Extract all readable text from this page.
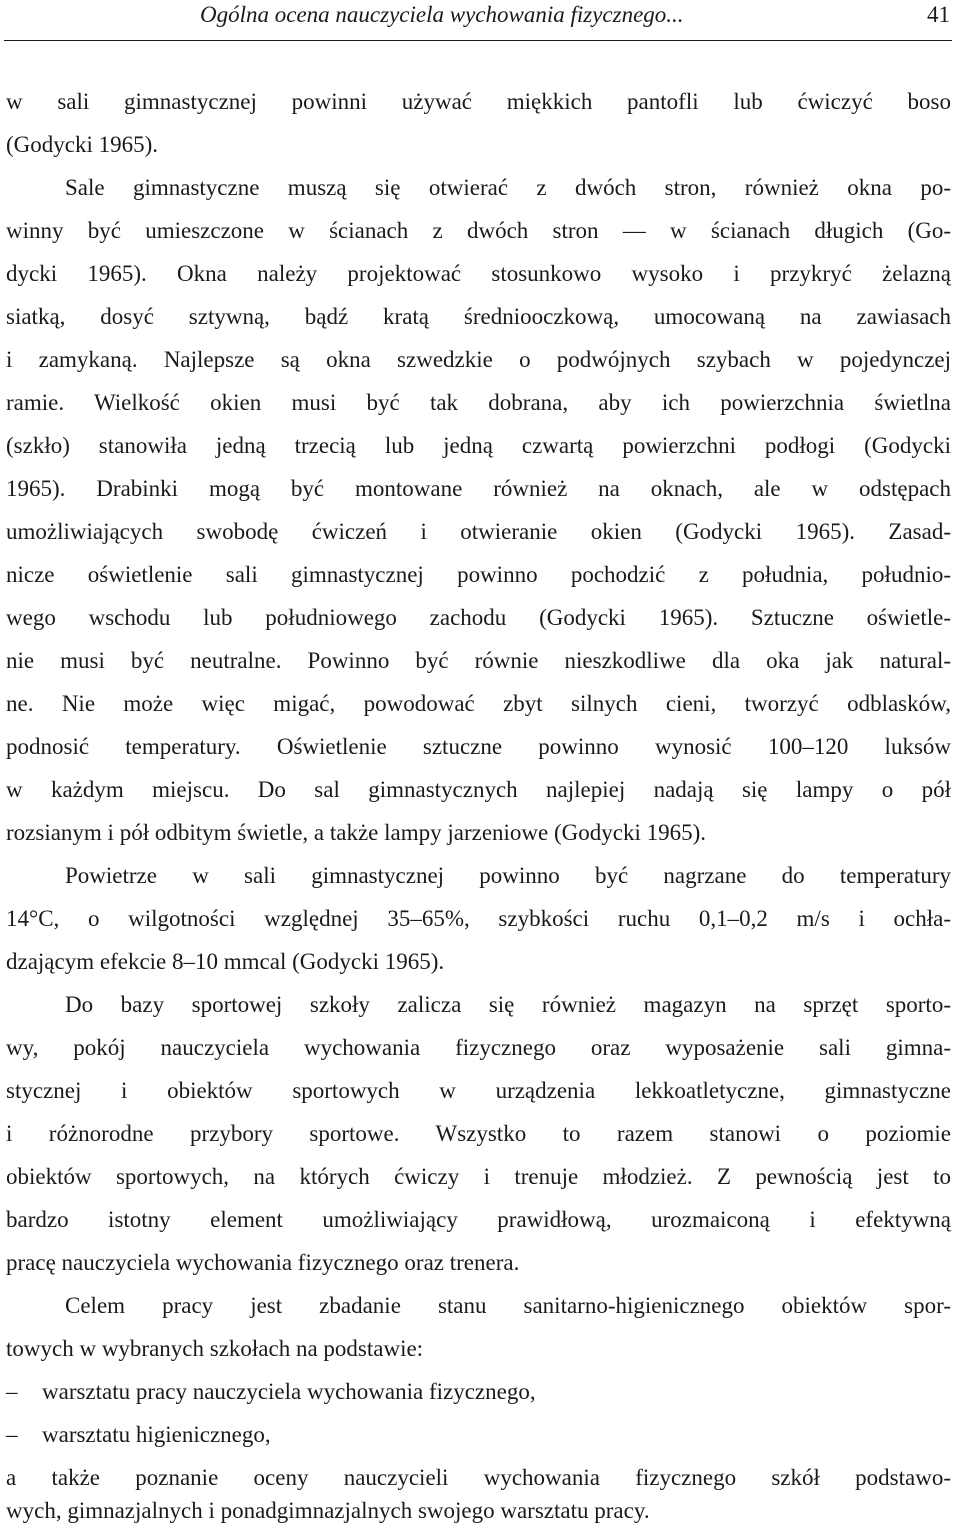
Ogólna ocena nauczyciela wychowania fizycznego...	41
w sali gimnastycznej powinni używać miękkich pantofli lub ćwiczyć boso
(Godycki 1965).
Sale gimnastyczne muszą się otwierać z dwóch stron, również okna po-
winny być umieszczone w ścianach z dwóch stron — w ścianach długich (Go-
dycki 1965). Okna należy projektować stosunkowo wysoko i przykryć żelazną
siatką, dosyć sztywną, bądź kratą średniooczkową, umocowaną na zawiasach
i zamykaną. Najlepsze są okna szwedzkie o podwójnych szybach w pojedynczej
ramie. Wielkość okien musi być tak dobrana, aby ich powierzchnia świetlna
(szkło) stanowiła jedną trzecią lub jedną czwartą powierzchni podłogi (Godycki
1965). Drabinki mogą być montowane również na oknach, ale w odstępach
umożliwiających swobodę ćwiczeń i otwieranie okien (Godycki 1965). Zasad-
nicze oświetlenie sali gimnastycznej powinno pochodzić z południa, południo-
wego wschodu lub południowego zachodu (Godycki 1965). Sztuczne oświetle-
nie musi być neutralne. Powinno być równie nieszkodliwe dla oka jak natural-
ne. Nie może więc migać, powodować zbyt silnych cieni, tworzyć odblasków,
podnosić temperatury. Oświetlenie sztuczne powinno wynosić 100–120 luksów
w każdym miejscu. Do sal gimnastycznych najlepiej nadają się lampy o pół
rozsianym i pół odbitym świetle, a także lampy jarzeniowe (Godycki 1965).
Powietrze w sali gimnastycznej powinno być nagrzane do temperatury
14°C, o wilgotności względnej 35–65%, szybkości ruchu 0,1–0,2 m/s i ochła-
dzającym efekcie 8–10 mmcal (Godycki 1965).
Do bazy sportowej szkoły zalicza się również magazyn na sprzęt sporto-
wy, pokój nauczyciela wychowania fizycznego oraz wyposażenie sali gimna-
stycznej i obiektów sportowych w urządzenia lekkoatletyczne, gimnastyczne
i różnorodne przybory sportowe. Wszystko to razem stanowi o poziomie
obiektów sportowych, na których ćwiczy i trenuje młodzież. Z pewnością jest to
bardzo istotny element umożliwiający prawidłową, urozmaiconą i efektywną
pracę nauczyciela wychowania fizycznego oraz trenera.
Celem pracy jest zbadanie stanu sanitarno-higienicznego obiektów spor-
towych w wybranych szkołach na podstawie:
–	warsztatu pracy nauczyciela wychowania fizycznego,
–	warsztatu higienicznego,
a także poznanie oceny nauczycieli wychowania fizycznego szkół podstawo-
wych, gimnazjalnych i ponadgimnazjalnych swojego warsztatu pracy.
